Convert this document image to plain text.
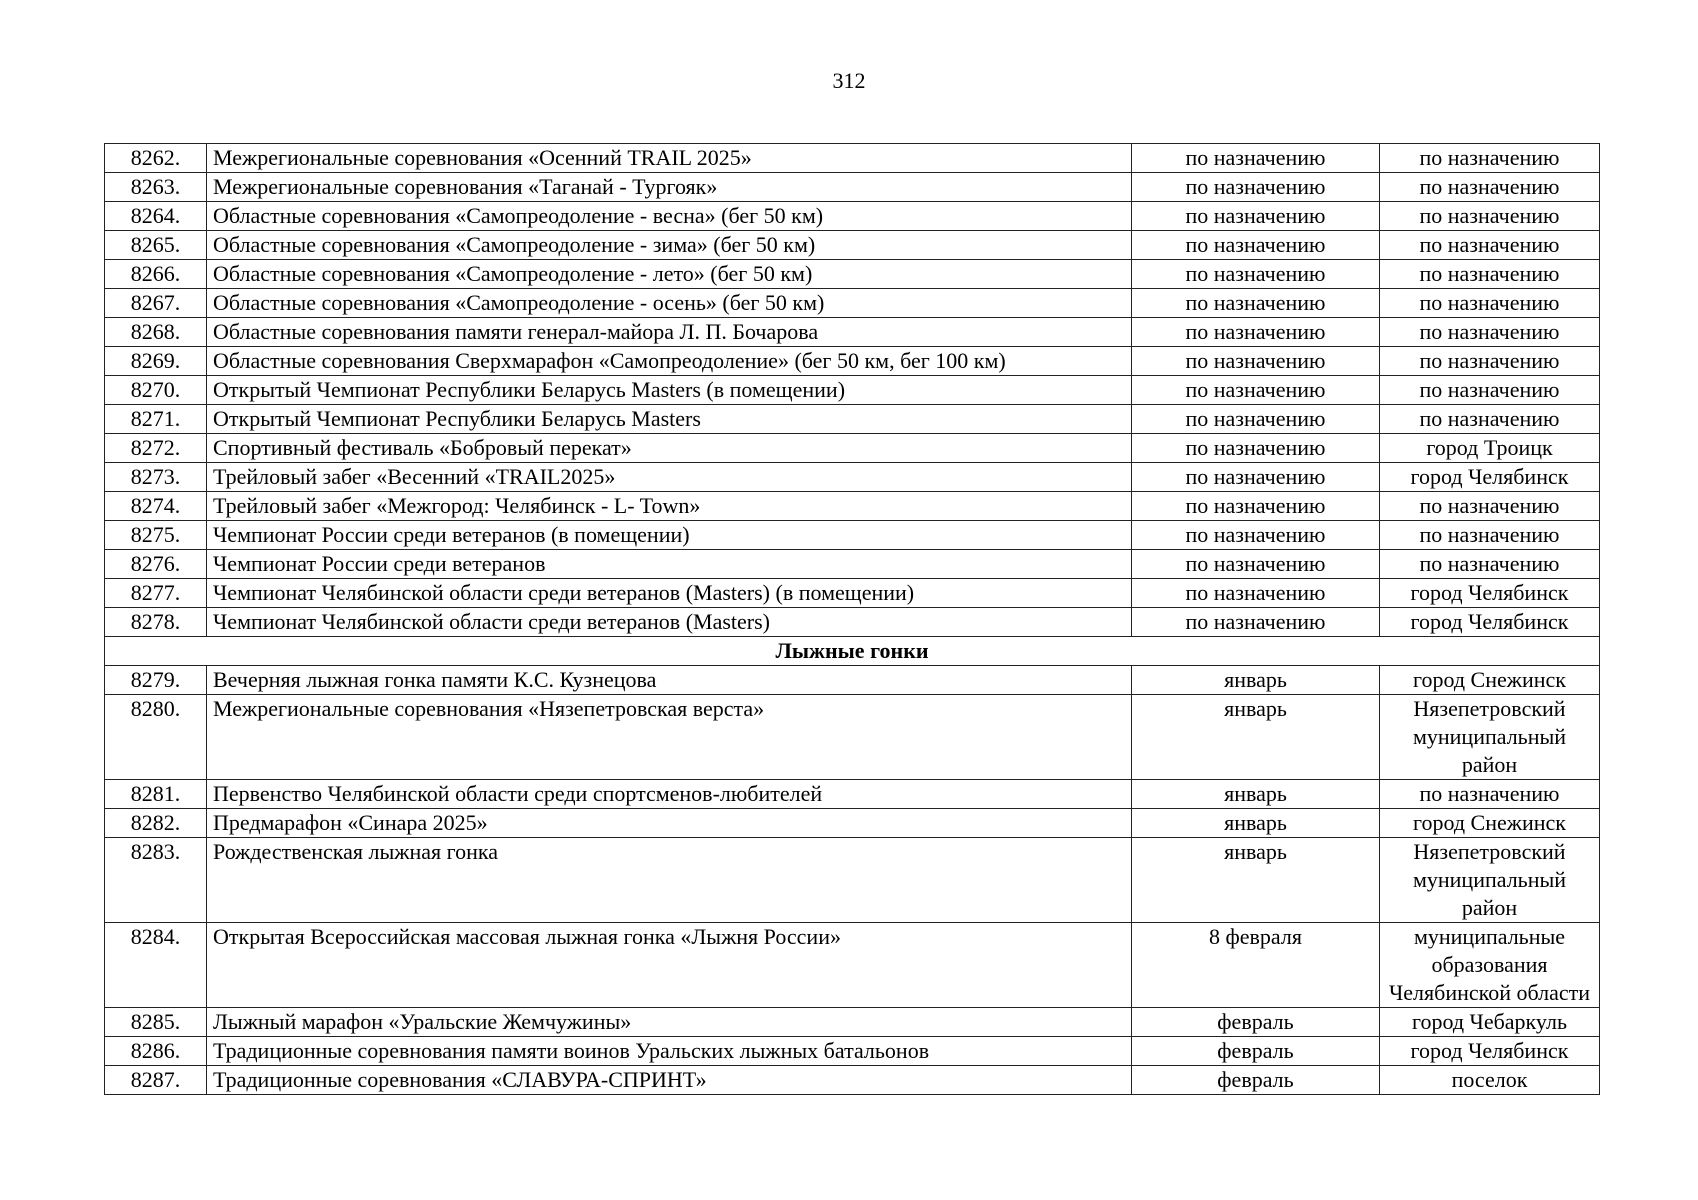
312
8262.	Межрегиональные соревнования «Осенний TRAIL 2025»	по назначению	по назначению
8263.	Межрегиональные соревнования «Таганай - Тургояк»	по назначению	по назначению
8264.	Областные соревнования «Самопреодоление - весна» (бег 50 км)	по назначению	по назначению
8265.	Областные соревнования «Самопреодоление - зима» (бег 50 км)	по назначению	по назначению
8266.	Областные соревнования «Самопреодоление - лето» (бег 50 км)	по назначению	по назначению
8267.	Областные соревнования «Самопреодоление - осень» (бег 50 км)	по назначению	по назначению
8268.	Областные соревнования памяти генерал-майора Л. П. Бочарова	по назначению	по назначению
8269.	Областные соревнования Сверхмарафон «Самопреодоление» (бег 50 км, бег 100 км)	по назначению	по назначению
8270.	Открытый Чемпионат Республики Беларусь Masters (в помещении)	по назначению	по назначению
8271.	Открытый Чемпионат Республики Беларусь Masters	по назначению	по назначению
8272.	Спортивный фестиваль «Бобровый перекат»	по назначению	город Троицк
8273.	Трейловый забег «Весенний «TRAIL2025»	по назначению	город Челябинск
8274.	Трейловый забег «Межгород: Челябинск - L- Town»	по назначению	по назначению
8275.	Чемпионат России среди ветеранов (в помещении)	по назначению	по назначению
8276.	Чемпионат России среди ветеранов	по назначению	по назначению
8277.	Чемпионат Челябинской области среди ветеранов (Masters) (в помещении)	по назначению	город Челябинск
8278.	Чемпионат Челябинской области среди ветеранов (Masters)	по назначению	город Челябинск
Лыжные гонки			
8279.	Вечерняя лыжная гонка памяти К.С. Кузнецова	январь	город Снежинск
8280.	Межрегиональные соревнования «Нязепетровская верста»	январь	Нязепетровский муниципальный район
8281.	Первенство Челябинской области среди спортсменов-любителей	январь	по назначению
8282.	Предмарафон «Синара 2025»	январь	город Снежинск
8283.	Рождественская лыжная гонка	январь	Нязепетровский муниципальный район
8284.	Открытая Всероссийская массовая лыжная гонка «Лыжня России»	8 февраля	муниципальные образования Челябинской области
8285.	Лыжный марафон «Уральские Жемчужины»	февраль	город Чебаркуль
8286.	Традиционные соревнования памяти воинов Уральских лыжных батальонов	февраль	город Челябинск
8287.	Традиционные соревнования «СЛАВУРА-СПРИНТ»	февраль	поселок
